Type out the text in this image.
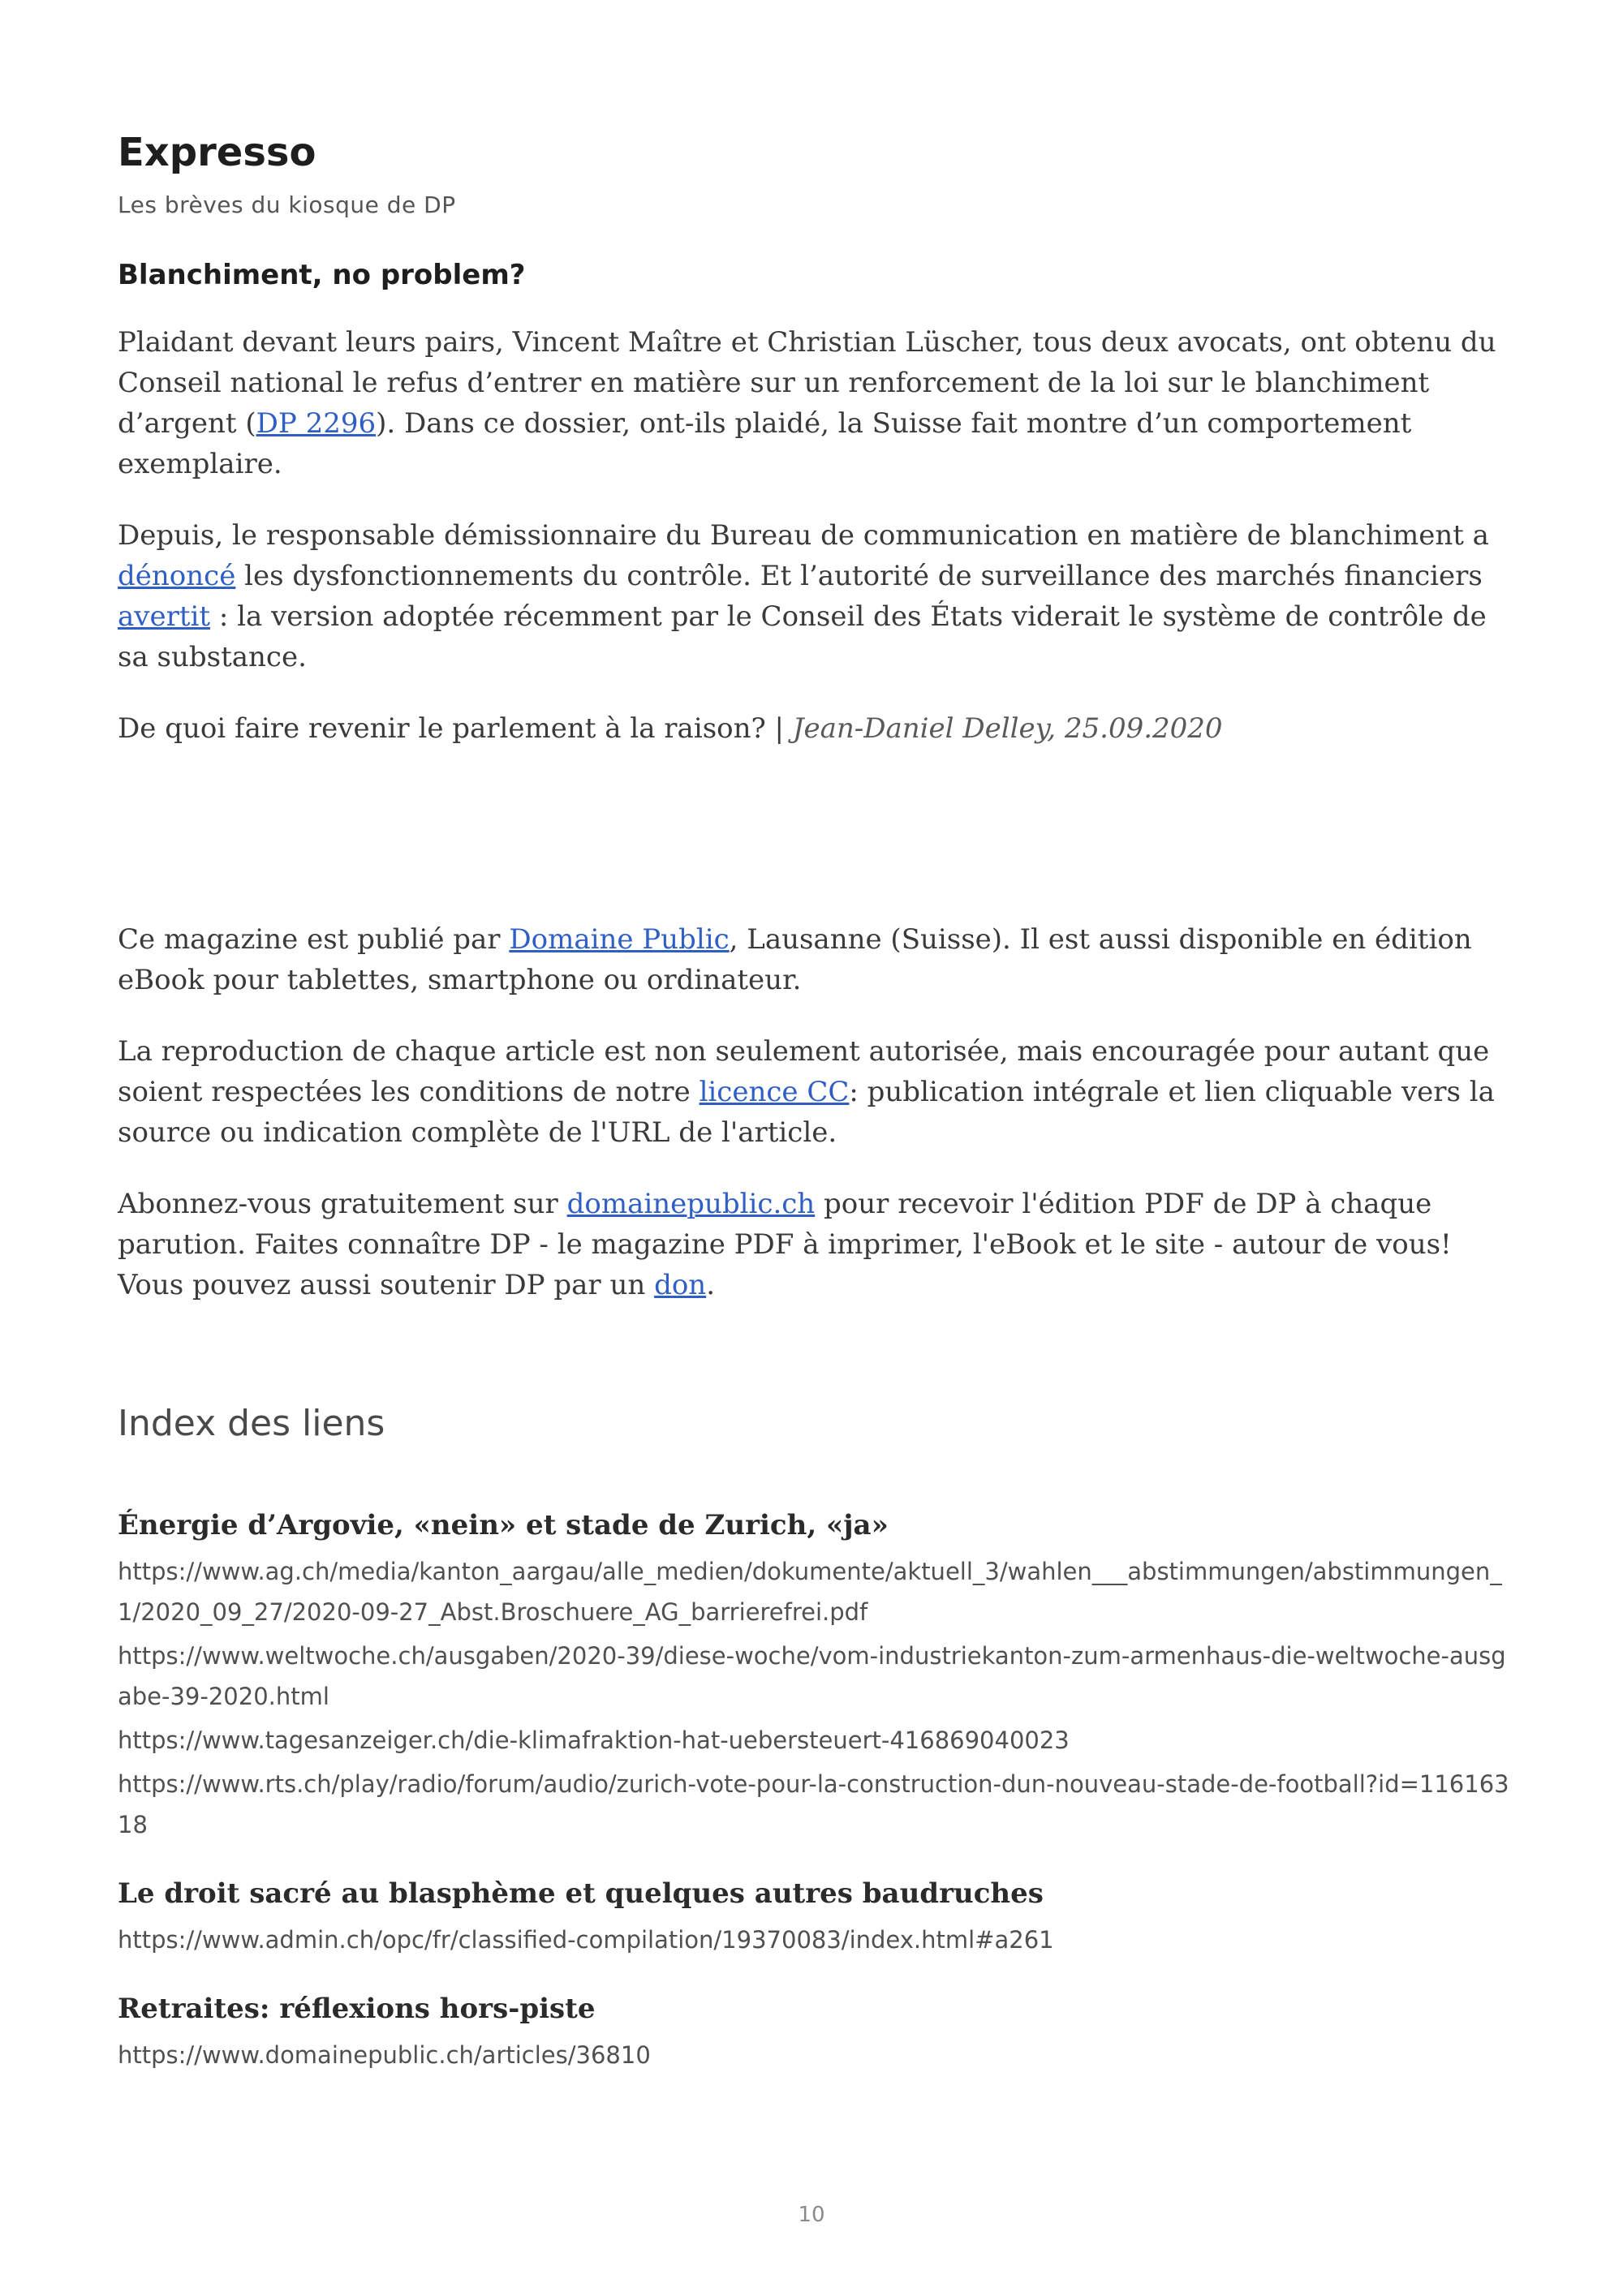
Expresso
Les brèves du kiosque de DP
Blanchiment, no problem?

Plaidant devant leurs pairs, Vincent Maître et Christian Lüscher, tous deux avocats, ont obtenu du Conseil national le refus d’entrer en matière sur un renforcement de la loi sur le blanchiment d’argent (DP 2296). Dans ce dossier, ont-ils plaidé, la Suisse fait montre d’un comportement exemplaire.

Depuis, le responsable démissionnaire du Bureau de communication en matière de blanchiment a dénoncé les dysfonctionnements du contrôle. Et l’autorité de surveillance des marchés financiers avertit : la version adoptée récemment par le Conseil des États viderait le système de contrôle de sa substance.

De quoi faire revenir le parlement à la raison? | Jean-Daniel Delley, 25.09.2020

Ce magazine est publié par Domaine Public, Lausanne (Suisse). Il est aussi disponible en édition eBook pour tablettes, smartphone ou ordinateur.

La reproduction de chaque article est non seulement autorisée, mais encouragée pour autant que soient respectées les conditions de notre licence CC: publication intégrale et lien cliquable vers la source ou indication complète de l'URL de l'article.

Abonnez-vous gratuitement sur domainepublic.ch pour recevoir l'édition PDF de DP à chaque parution. Faites connaître DP - le magazine PDF à imprimer, l'eBook et le site - autour de vous! Vous pouvez aussi soutenir DP par un don.

Index des liens
Énergie d’Argovie, «nein» et stade de Zurich, «ja»
https://www.ag.ch/media/kanton_aargau/alle_medien/dokumente/aktuell_3/wahlen___abstimmungen/abstimmungen_1/2020_09_27/2020-09-27_Abst.Broschuere_AG_barrierefrei.pdf
https://www.weltwoche.ch/ausgaben/2020-39/diese-woche/vom-industriekanton-zum-armenhaus-die-weltwoche-ausgabe-39-2020.html
https://www.tagesanzeiger.ch/die-klimafraktion-hat-uebersteuert-416869040023
https://www.rts.ch/play/radio/forum/audio/zurich-vote-pour-la-construction-dun-nouveau-stade-de-football?id=11616318
Le droit sacré au blasphème et quelques autres baudruches
https://www.admin.ch/opc/fr/classified-compilation/19370083/index.html#a261
Retraites: réflexions hors-piste
https://www.domainepublic.ch/articles/36810
10
